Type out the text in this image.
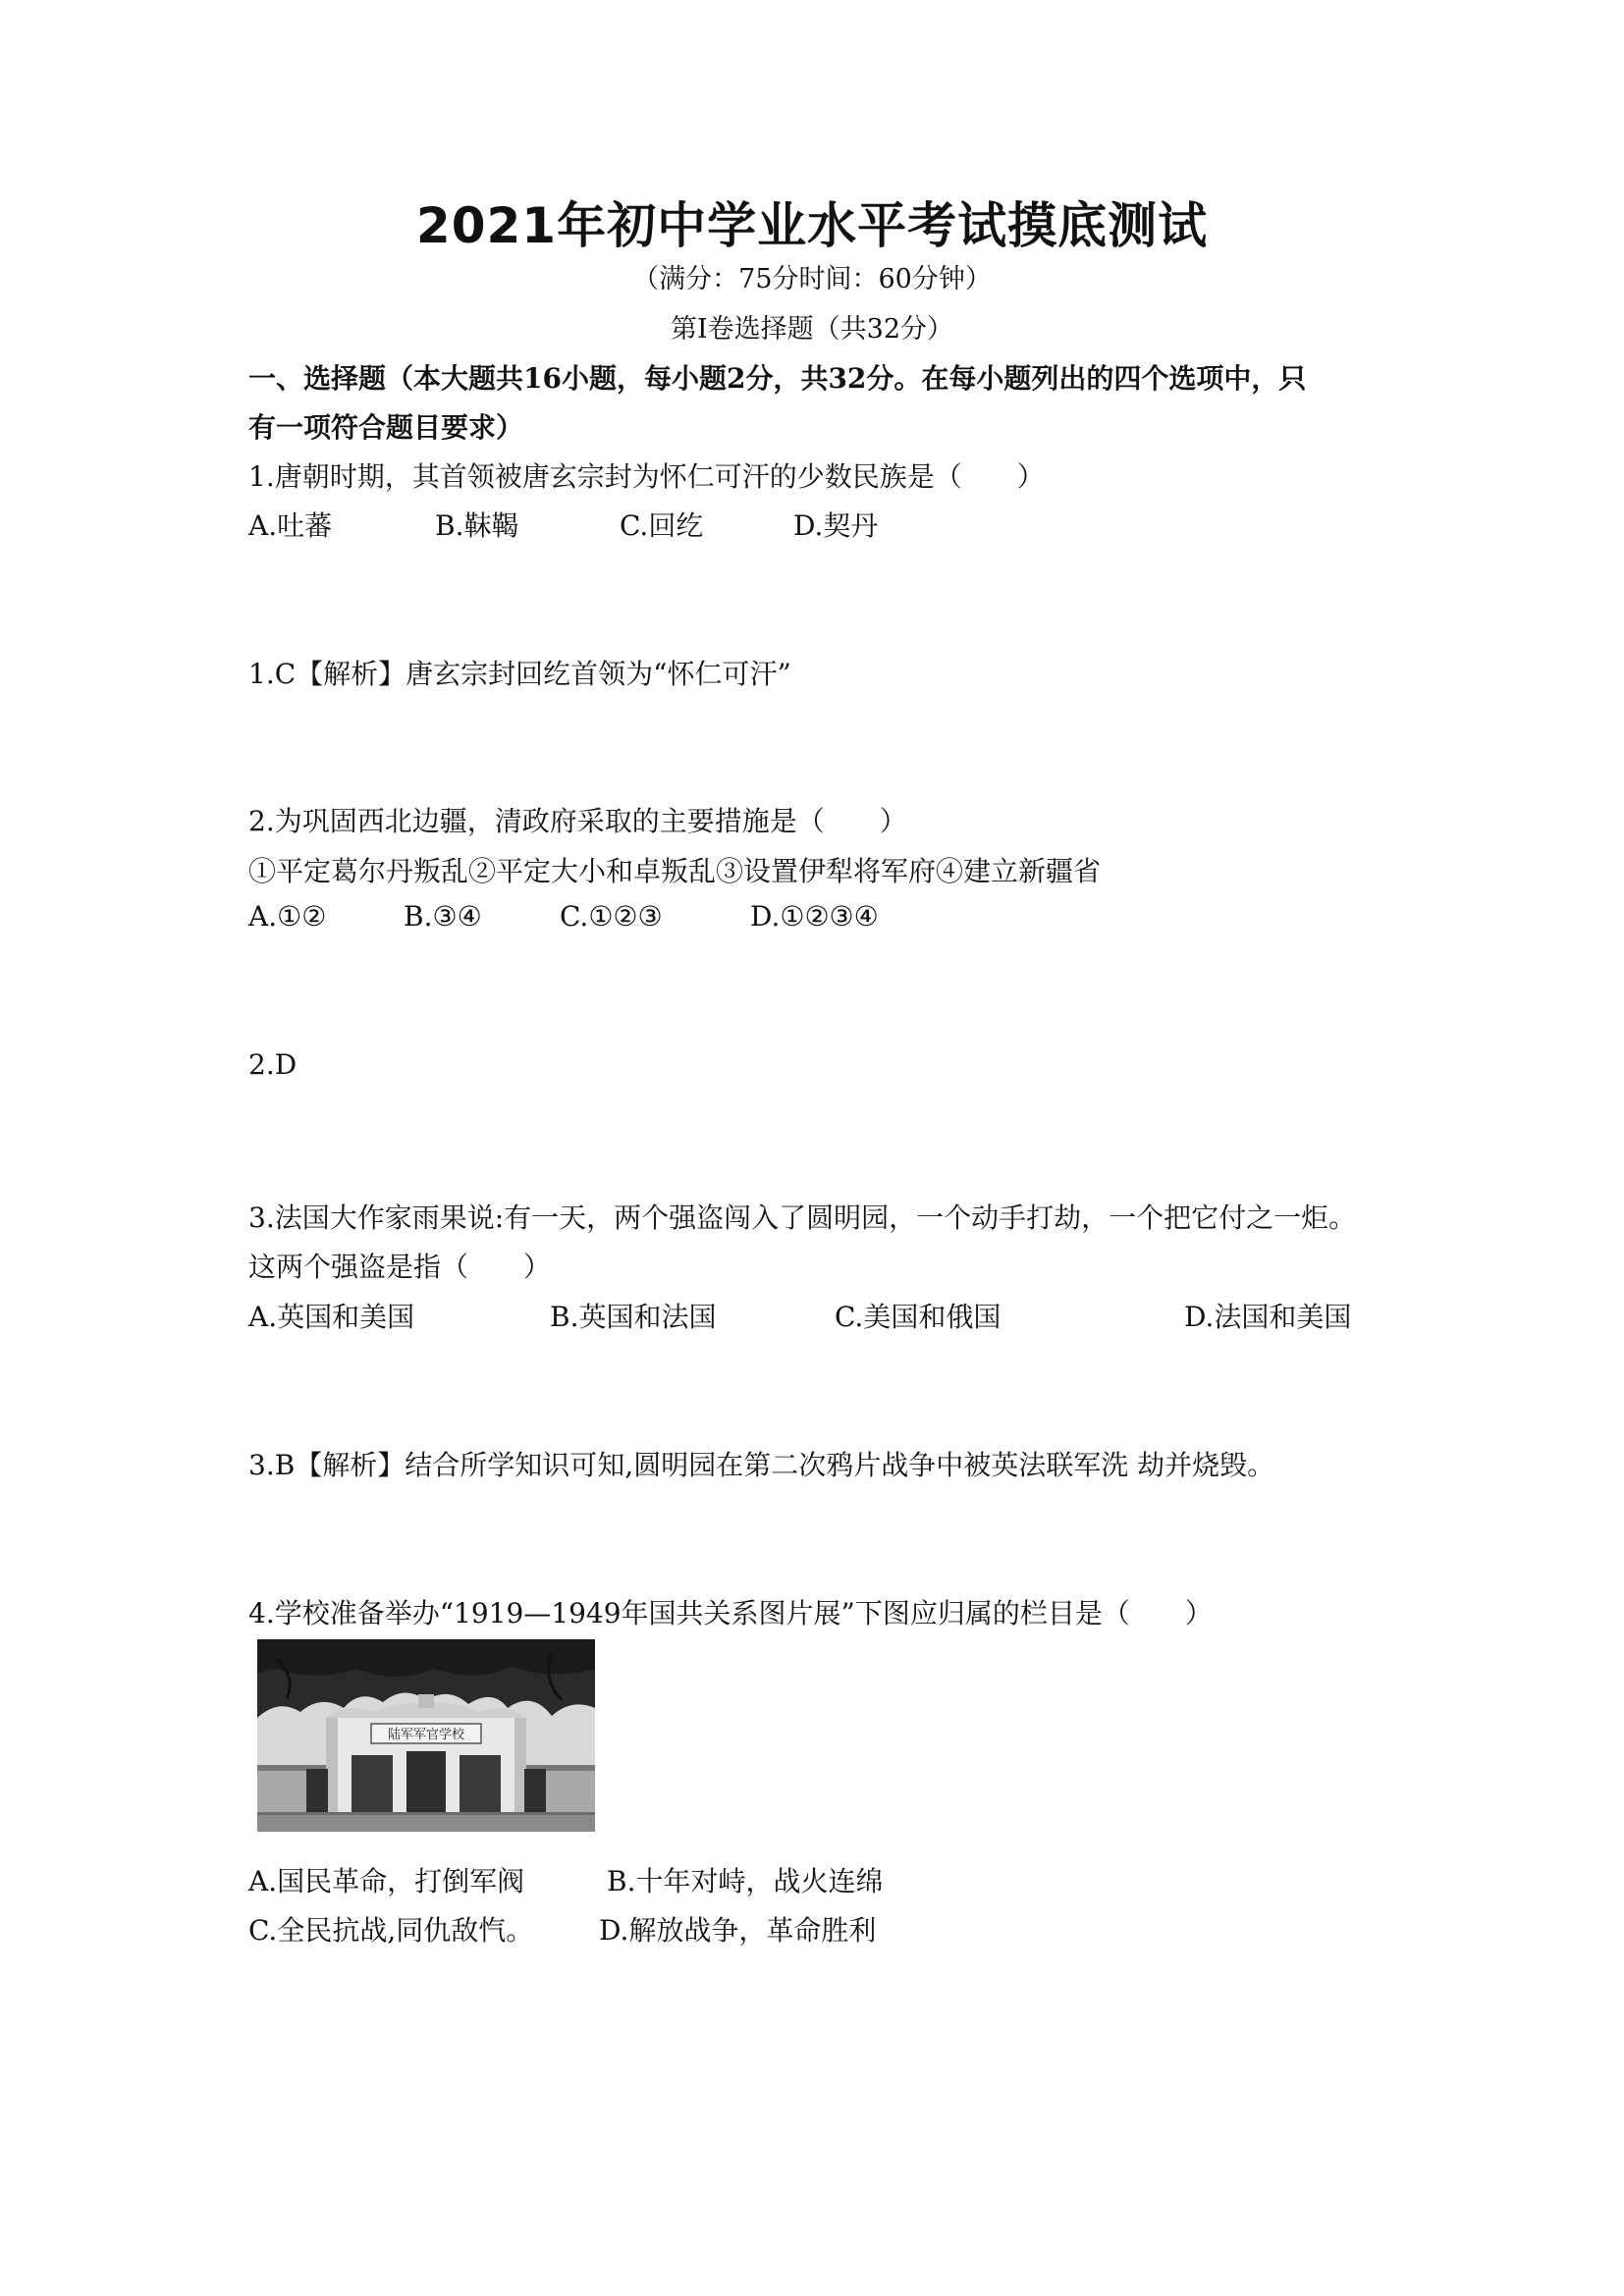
2021年初中学业水平考试摸底测试
（满分：75分时间：60分钟）
第Ⅰ卷选择题（共32分）
一、选择题（本大题共16小题，每小题2分，共32分。在每小题列出的四个选项中，只
有一项符合题目要求）
1.唐朝时期，其首领被唐玄宗封为怀仁可汗的少数民族是（　　）
A.吐蕃	B.靺鞨	C.回纥	D.契丹
1.C【解析】唐玄宗封回纥首领为“怀仁可汗”
2.为巩固西北边疆，清政府采取的主要措施是（　　）
①平定葛尔丹叛乱②平定大小和卓叛乱③设置伊犁将军府④建立新疆省
A.①②	B.③④	C.①②③	D.①②③④
2.D
3.法国大作家雨果说:有一天，两个强盗闯入了圆明园，一个动手打劫，一个把它付之一炬。
这两个强盗是指（　　）
A.英国和美国	B.英国和法国	C.美国和俄国	D.法国和美国
3.B【解析】结合所学知识可知,圆明园在第二次鸦片战争中被英法联军洗 劫并烧毁。
4.学校准备举办“1919—1949年国共关系图片展”下图应归属的栏目是（　　）
陆军军官学校
A.国民革命，打倒军阀	B.十年对峙，战火连绵
C.全民抗战,同仇敌忾。 D.解放战争，革命胜利
